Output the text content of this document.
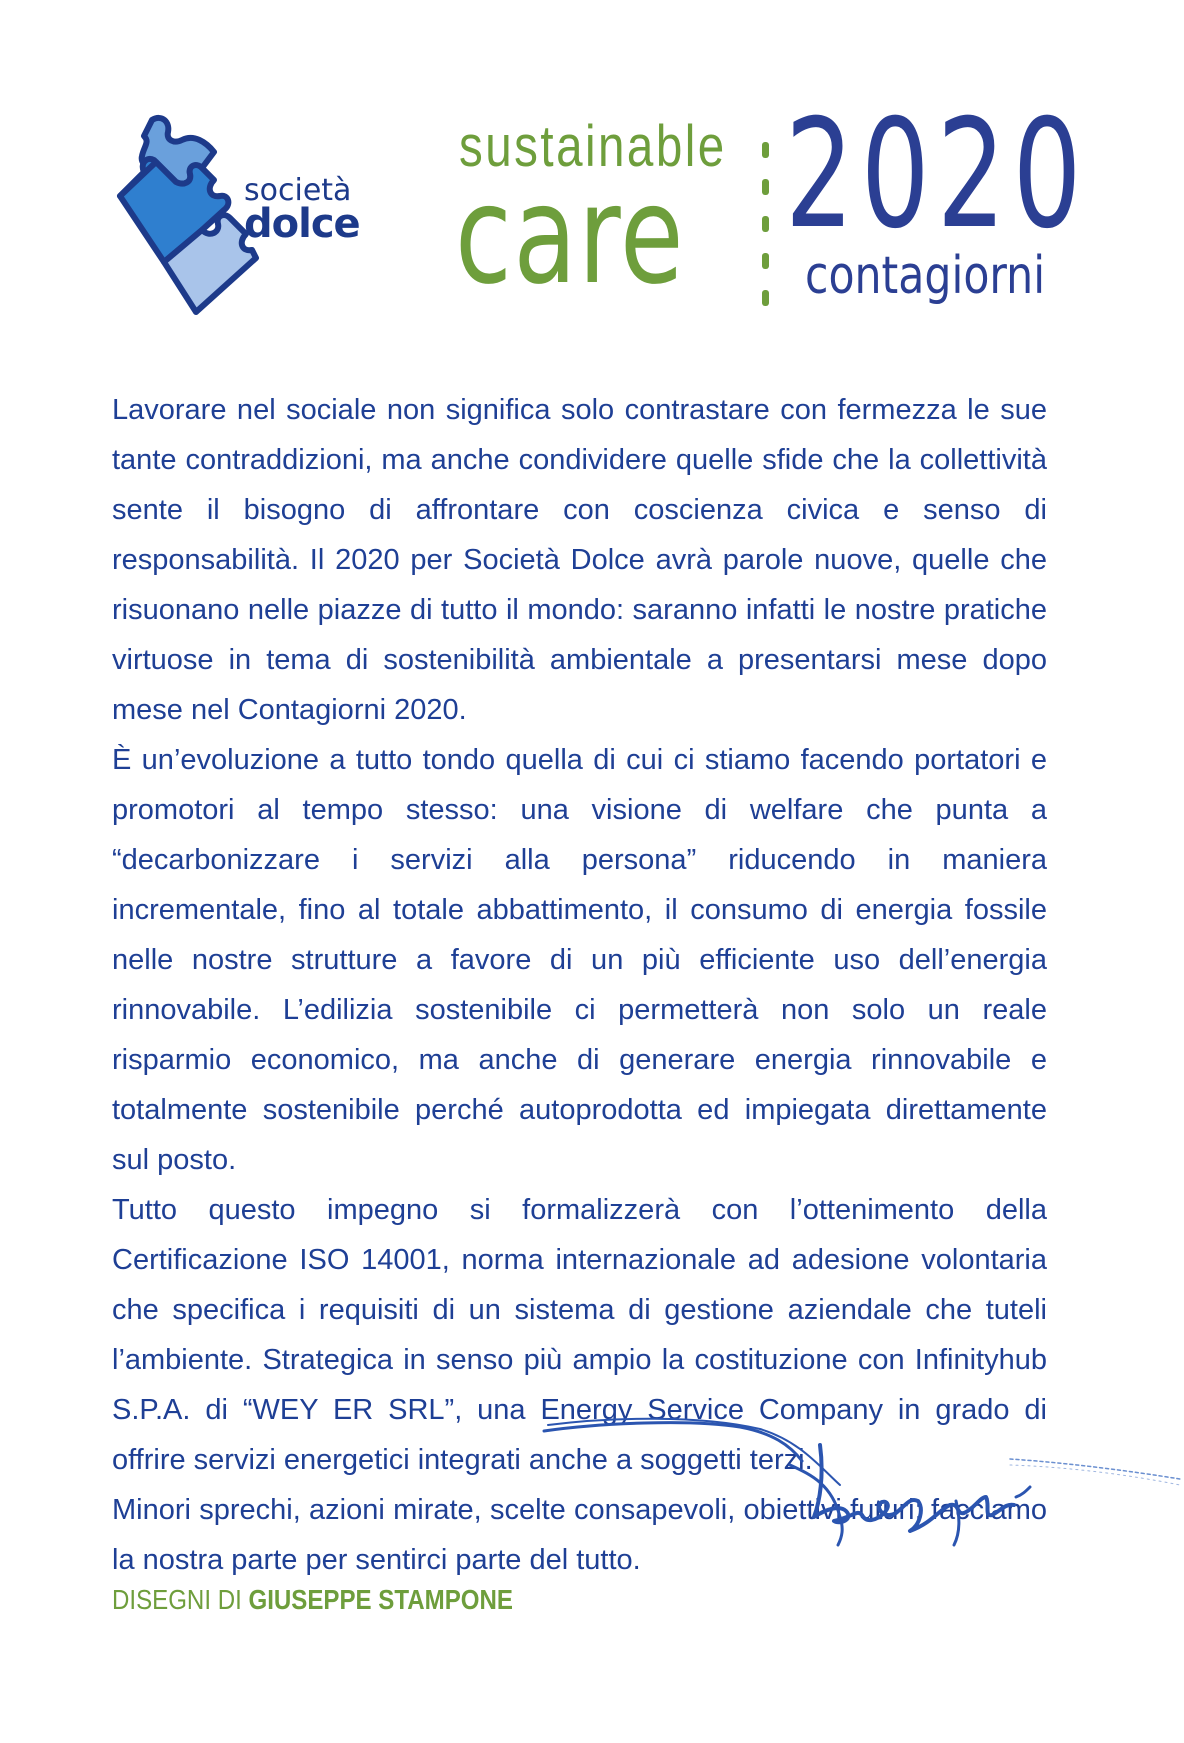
società
dolce
sustainable
care 2020
contagiorni

Lavorare nel sociale non significa solo contrastare con fermezza le sue tante contraddizioni, ma anche condividere quelle sfide che la collettività sente il bisogno di affrontare con coscienza civica e senso di responsabilità. Il 2020 per Società Dolce avrà parole nuove, quelle che risuonano nelle piazze di tutto il mondo: saranno infatti le nostre pratiche virtuose in tema di sostenibilità ambientale a presentarsi mese dopo mese nel Contagiorni 2020.

È un’evoluzione a tutto tondo quella di cui ci stiamo facendo portatori e promotori al tempo stesso: una visione di welfare che punta a “decarbonizzare i servizi alla persona” riducendo in maniera incrementale, fino al totale abbattimento, il consumo di energia fossile nelle nostre strutture a favore di un più efficiente uso dell’energia rinnovabile. L’edilizia sostenibile ci permetterà non solo un reale risparmio economico, ma anche di generare energia rinnovabile e totalmente sostenibile perché autoprodotta ed impiegata direttamente sul posto.

Tutto questo impegno si formalizzerà con l’ottenimento della Certificazione ISO 14001, norma internazionale ad adesione volontaria che specifica i requisiti di un sistema di gestione aziendale che tuteli l’ambiente. Strategica in senso più ampio la costituzione con Infinityhub S.P.A. di “WEY ER SRL”, una Energy Service Company in grado di offrire servizi energetici integrati anche a soggetti terzi.

Minori sprechi, azioni mirate, scelte consapevoli, obiettivi futuri: facciamo la nostra parte per sentirci parte del tutto.

DISEGNI DI GIUSEPPE STAMPONE
